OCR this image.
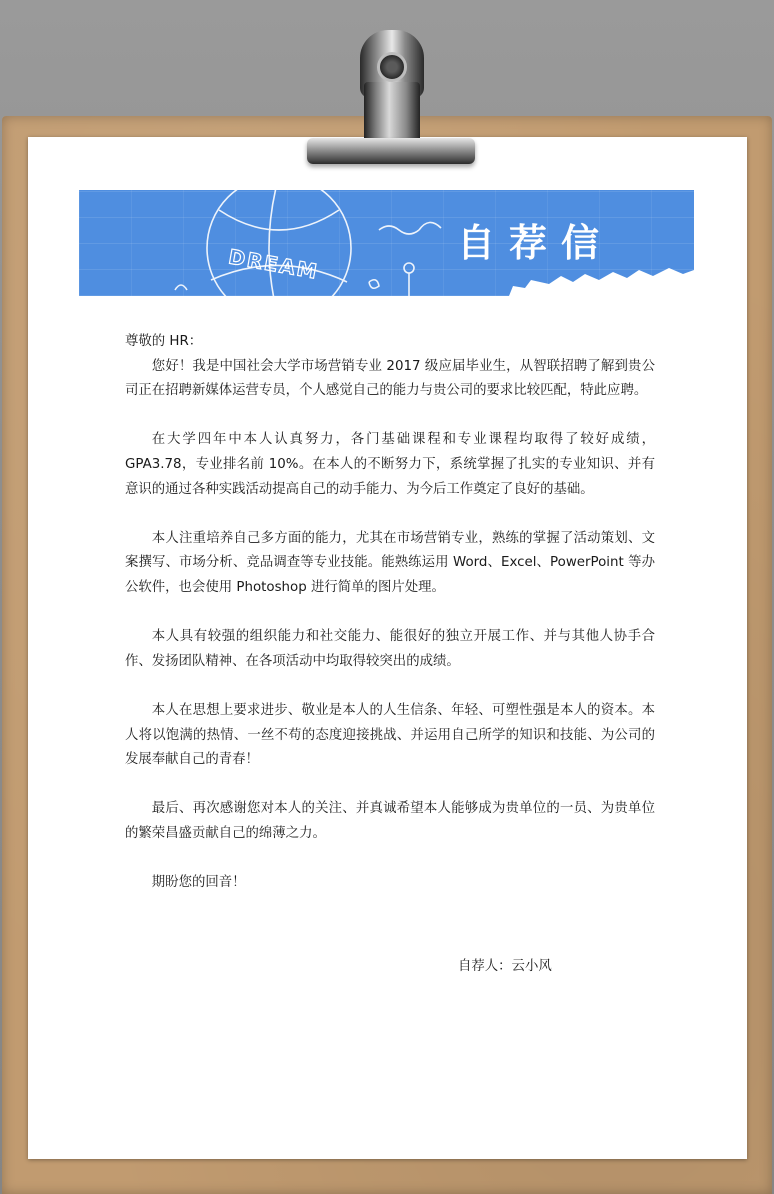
DREAM	自荐信
尊敬的 HR：

您好！我是中国社会大学市场营销专业 2017 级应届毕业生，从智联招聘了解到贵公司正在招聘新媒体运营专员，个人感觉自己的能力与贵公司的要求比较匹配，特此应聘。

在大学四年中本人认真努力，各门基础课程和专业课程均取得了较好成绩，GPA3.78，专业排名前 10%。在本人的不断努力下，系统掌握了扎实的专业知识、并有意识的通过各种实践活动提高自己的动手能力、为今后工作奠定了良好的基础。

本人注重培养自己多方面的能力，尤其在市场营销专业，熟练的掌握了活动策划、文案撰写、市场分析、竞品调查等专业技能。能熟练运用 Word、Excel、PowerPoint 等办公软件，也会使用 Photoshop 进行简单的图片处理。

本人具有较强的组织能力和社交能力、能很好的独立开展工作、并与其他人协手合作、发扬团队精神、在各项活动中均取得较突出的成绩。

本人在思想上要求进步、敬业是本人的人生信条、年轻、可塑性强是本人的资本。本人将以饱满的热情、一丝不苟的态度迎接挑战、并运用自己所学的知识和技能、为公司的发展奉献自己的青春！

最后、再次感谢您对本人的关注、并真诚希望本人能够成为贵单位的一员、为贵单位的繁荣昌盛贡献自己的绵薄之力。

期盼您的回音！

自荐人：云小风
